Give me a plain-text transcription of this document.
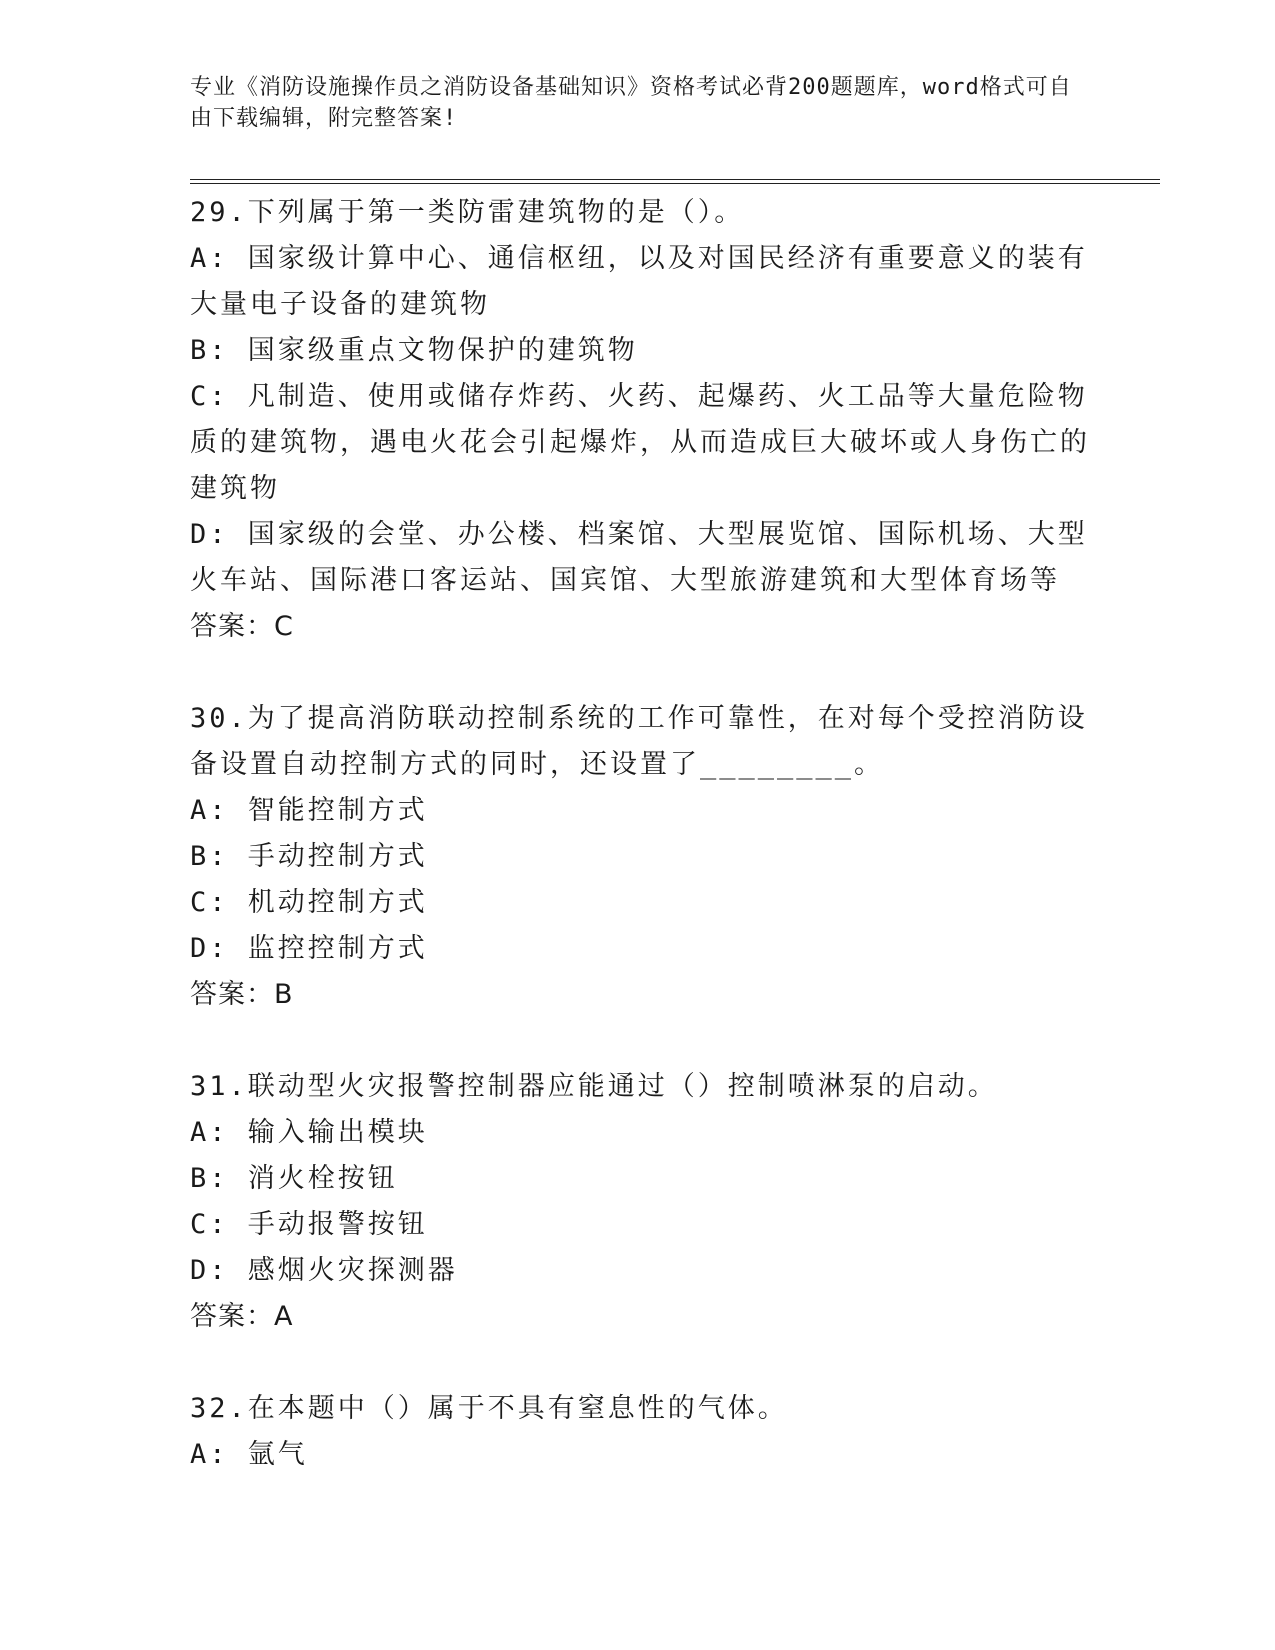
专业《消防设施操作员之消防设备基础知识》资格考试必背200题题库，word格式可自由下载编辑，附完整答案!

29.下列属于第一类防雷建筑物的是（）。

A: 国家级计算中心、通信枢纽，以及对国民经济有重要意义的装有大量电子设备的建筑物

B: 国家级重点文物保护的建筑物

C: 凡制造、使用或储存炸药、火药、起爆药、火工品等大量危险物质的建筑物，遇电火花会引起爆炸，从而造成巨大破坏或人身伤亡的建筑物

D: 国家级的会堂、办公楼、档案馆、大型展览馆、国际机场、大型火车站、国际港口客运站、国宾馆、大型旅游建筑和大型体育场等

答案：C

30.为了提高消防联动控制系统的工作可靠性，在对每个受控消防设备设置自动控制方式的同时，还设置了________。

A: 智能控制方式

B: 手动控制方式

C: 机动控制方式

D: 监控控制方式

答案：B

31.联动型火灾报警控制器应能通过（）控制喷淋泵的启动。

A: 输入输出模块

B: 消火栓按钮

C: 手动报警按钮

D: 感烟火灾探测器

答案：A

32.在本题中（）属于不具有窒息性的气体。

A: 氩气
